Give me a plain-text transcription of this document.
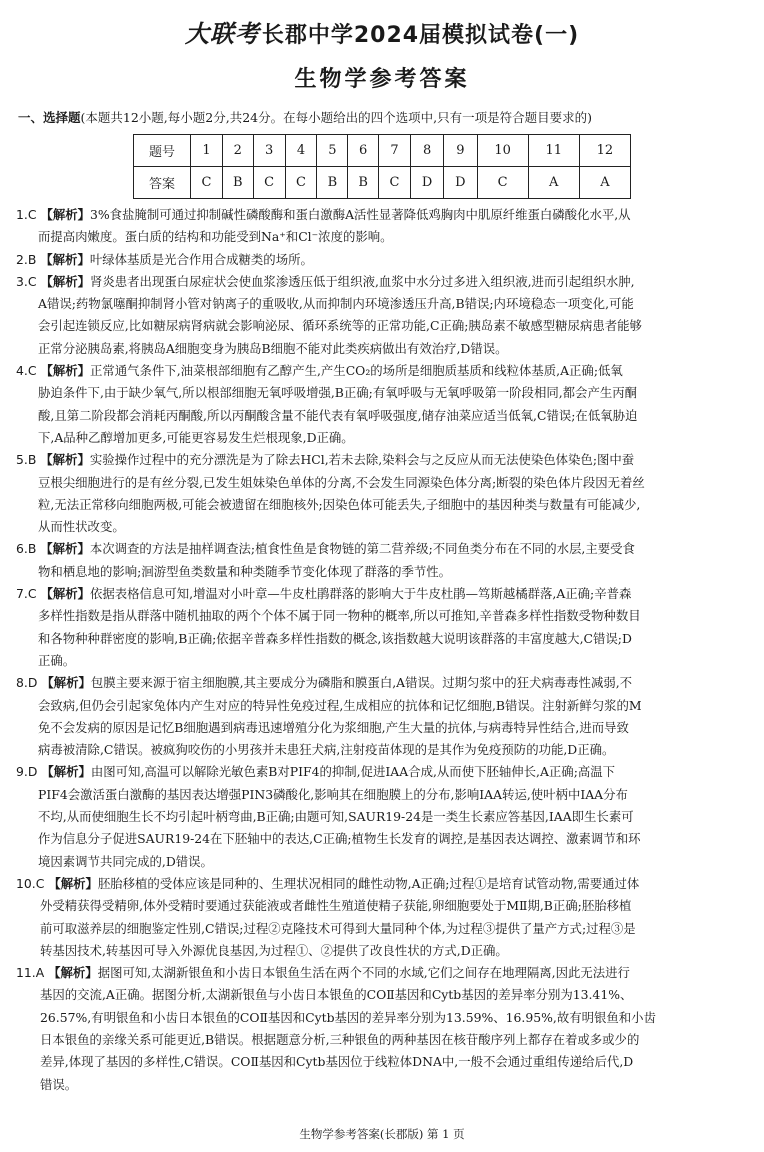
大联考长郡中学2024届模拟试卷(一)
生物学参考答案
一、选择题(本题共12小题,每小题2分,共24分。在每小题给出的四个选项中,只有一项是符合题目要求的)
题号	1	2	3	4	5	6	7	8	9	10	11	12
答案	C	B	C	C	B	B	C	D	D	C	A	A
1.C 【解析】3%食盐腌制可通过抑制碱性磷酸酶和蛋白激酶A活性显著降低鸡胸肉中肌原纤维蛋白磷酸化水平,从
而提高肉嫩度。蛋白质的结构和功能受到Na⁺和Cl⁻浓度的影响。
2.B 【解析】叶绿体基质是光合作用合成糖类的场所。
3.C 【解析】肾炎患者出现蛋白尿症状会使血浆渗透压低于组织液,血浆中水分过多进入组织液,进而引起组织水肿,
A错误;药物氯噻酮抑制肾小管对钠离子的重吸收,从而抑制内环境渗透压升高,B错误;内环境稳态一项变化,可能
会引起连锁反应,比如糖尿病肾病就会影响泌尿、循环系统等的正常功能,C正确;胰岛素不敏感型糖尿病患者能够
正常分泌胰岛素,将胰岛A细胞变身为胰岛B细胞不能对此类疾病做出有效治疗,D错误。
4.C 【解析】正常通气条件下,油菜根部细胞有乙醇产生,产生CO₂的场所是细胞质基质和线粒体基质,A正确;低氧
胁迫条件下,由于缺少氧气,所以根部细胞无氧呼吸增强,B正确;有氧呼吸与无氧呼吸第一阶段相同,都会产生丙酮
酸,且第二阶段都会消耗丙酮酸,所以丙酮酸含量不能代表有氧呼吸强度,储存油菜应适当低氧,C错误;在低氧胁迫
下,A品种乙醇增加更多,可能更容易发生烂根现象,D正确。
5.B 【解析】实验操作过程中的充分漂洗是为了除去HCl,若未去除,染料会与之反应从而无法使染色体染色;图中蚕
豆根尖细胞进行的是有丝分裂,已发生姐妹染色单体的分离,不会发生同源染色体分离;断裂的染色体片段因无着丝
粒,无法正常移向细胞两极,可能会被遗留在细胞核外;因染色体可能丢失,子细胞中的基因种类与数量有可能减少,
从而性状改变。
6.B 【解析】本次调查的方法是抽样调查法;植食性鱼是食物链的第二营养级;不同鱼类分布在不同的水层,主要受食
物和栖息地的影响;洄游型鱼类数量和种类随季节变化体现了群落的季节性。
7.C 【解析】依据表格信息可知,增温对小叶章—牛皮杜鹃群落的影响大于牛皮杜鹃—笃斯越橘群落,A正确;辛普森
多样性指数是指从群落中随机抽取的两个个体不属于同一物种的概率,所以可推知,辛普森多样性指数受物种数目
和各物种种群密度的影响,B正确;依据辛普森多样性指数的概念,该指数越大说明该群落的丰富度越大,C错误;D
正确。
8.D 【解析】包膜主要来源于宿主细胞膜,其主要成分为磷脂和膜蛋白,A错误。过期匀浆中的狂犬病毒毒性减弱,不
会致病,但仍会引起家兔体内产生对应的特异性免疫过程,生成相应的抗体和记忆细胞,B错误。注射新鲜匀浆的M
免不会发病的原因是记忆B细胞遇到病毒迅速增殖分化为浆细胞,产生大量的抗体,与病毒特异性结合,进而导致
病毒被清除,C错误。被疯狗咬伤的小男孩并未患狂犬病,注射疫苗体现的是其作为免疫预防的功能,D正确。
9.D 【解析】由图可知,高温可以解除光敏色素B对PIF4的抑制,促进IAA合成,从而使下胚轴伸长,A正确;高温下
PIF4会激活蛋白激酶的基因表达增强PIN3磷酸化,影响其在细胞膜上的分布,影响IAA转运,使叶柄中IAA分布
不均,从而使细胞生长不均引起叶柄弯曲,B正确;由题可知,SAUR19-24是一类生长素应答基因,IAA即生长素可
作为信息分子促进SAUR19-24在下胚轴中的表达,C正确;植物生长发育的调控,是基因表达调控、激素调节和环
境因素调节共同完成的,D错误。
10.C 【解析】胚胎移植的受体应该是同种的、生理状况相同的雌性动物,A正确;过程①是培育试管动物,需要通过体
外受精获得受精卵,体外受精时要通过获能液或者雌性生殖道使精子获能,卵细胞要处于MⅡ期,B正确;胚胎移植
前可取滋养层的细胞鉴定性别,C错误;过程②克隆技术可得到大量同种个体,为过程③提供了量产方式;过程③是
转基因技术,转基因可导入外源优良基因,为过程①、②提供了改良性状的方式,D正确。
11.A 【解析】据图可知,太湖新银鱼和小齿日本银鱼生活在两个不同的水域,它们之间存在地理隔离,因此无法进行
基因的交流,A正确。据图分析,太湖新银鱼与小齿日本银鱼的COⅡ基因和Cytb基因的差异率分别为13.41%、
26.57%,有明银鱼和小齿日本银鱼的COⅡ基因和Cytb基因的差异率分别为13.59%、16.95%,故有明银鱼和小齿
日本银鱼的亲缘关系可能更近,B错误。根据题意分析,三种银鱼的两种基因在核苷酸序列上都存在着或多或少的
差异,体现了基因的多样性,C错误。COⅡ基因和Cytb基因位于线粒体DNA中,一般不会通过重组传递给后代,D
错误。
生物学参考答案(长郡版) 第 1 页
